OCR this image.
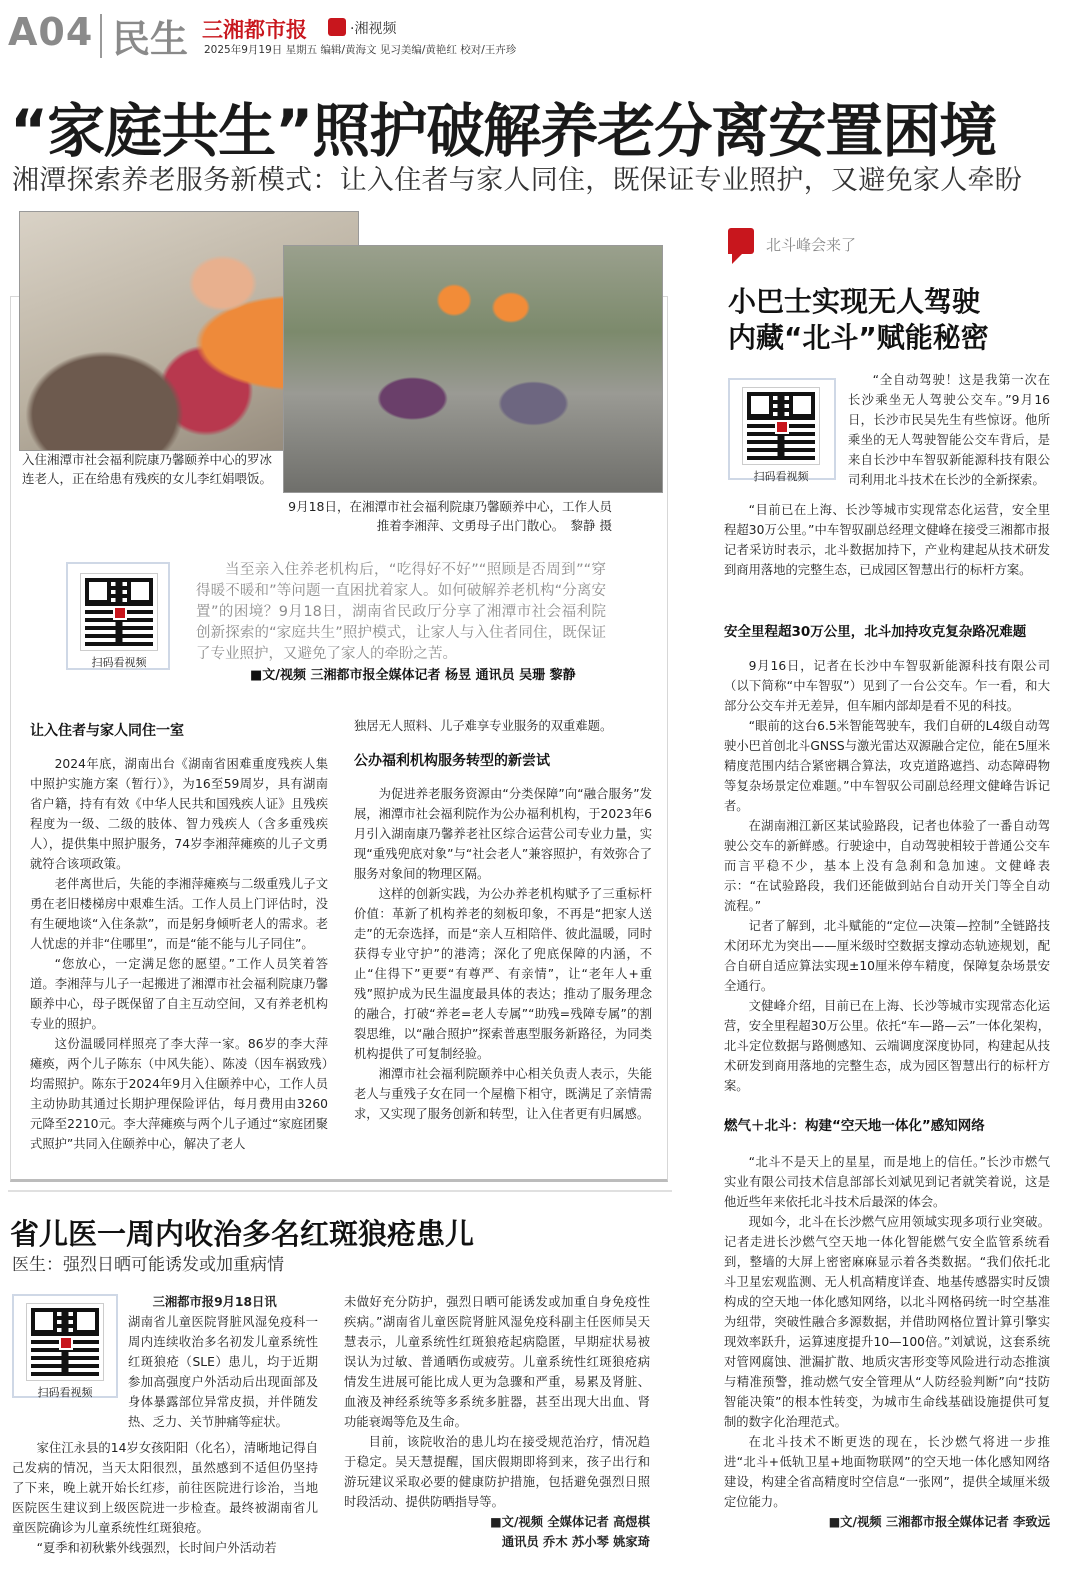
A04 民生 三湘都市报	·湘视频
2025年9月19日 星期五 编辑/黄海文 见习美编/黄艳红 校对/王卉珍
“家庭共生”照护破解养老分离安置困境
湘潭探索养老服务新模式：让入住者与家人同住，既保证专业照护，又避免家人牵盼
入住湘潭市社会福利院康乃馨颐养中心的罗冰连老人，正在给患有残疾的女儿李红娟喂饭。
9月18日，在湘潭市社会福利院康乃馨颐养中心，工作人员推着李湘萍、文勇母子出门散心。　黎静 摄
扫码看视频
当至亲入住养老机构后，“吃得好不好”“照顾是否周到”“穿得暖不暖和”等问题一直困扰着家人。如何破解养老机构“分离安置”的困境？9月18日，湖南省民政厅分享了湘潭市社会福利院创新探索的“家庭共生”照护模式，让家人与入住者同住，既保证了专业照护，又避免了家人的牵盼之苦。
■文/视频 三湘都市报全媒体记者 杨昱 通讯员 吴珊 黎静
让入住者与家人同住一室

2024年底，湖南出台《湖南省困难重度残疾人集中照护实施方案（暂行）》，为16至59周岁，具有湖南省户籍，持有有效《中华人民共和国残疾人证》且残疾程度为一级、二级的肢体、智力残疾人（含多重残疾人），提供集中照护服务，74岁李湘萍瘫痪的儿子文勇就符合该项政策。

老伴离世后，失能的李湘萍瘫痪与二级重残儿子文勇在老旧楼梯房中艰难生活。工作人员上门评估时，没有生硬地谈“入住条款”，而是躬身倾听老人的需求。老人忧虑的并非“住哪里”，而是“能不能与儿子同住”。

“您放心，一定满足您的愿望。”工作人员笑着答道。李湘萍与儿子一起搬进了湘潭市社会福利院康乃馨颐养中心，母子既保留了自主互动空间，又有养老机构专业的照护。

这份温暖同样照亮了李大萍一家。86岁的李大萍瘫痪，两个儿子陈东（中风失能）、陈凌（因车祸致残）均需照护。陈东于2024年9月入住颐养中心，工作人员主动协助其通过长期护理保险评估，每月费用由3260元降至2210元。李大萍瘫痪与两个儿子通过“家庭团聚式照护”共同入住颐养中心，解决了老人

独居无人照料、儿子难享专业服务的双重难题。

公办福利机构服务转型的新尝试

为促进养老服务资源由“分类保障”向“融合服务”发展，湘潭市社会福利院作为公办福利机构，于2023年6月引入湖南康乃馨养老社区综合运营公司专业力量，实现“重残兜底对象”与“社会老人”兼容照护，有效弥合了服务对象间的物理区隔。

这样的创新实践，为公办养老机构赋予了三重标杆价值：革新了机构养老的刻板印象，不再是“把家人送走”的无奈选择，而是“亲人互相陪伴、彼此温暖，同时获得专业守护”的港湾；深化了兜底保障的内涵，不止“住得下”更要“有尊严、有亲情”，让“老年人+重残”照护成为民生温度最具体的表达；推动了服务理念的融合，打破“养老=老人专属”“助残=残障专属”的割裂思维，以“融合照护”探索普惠型服务新路径，为同类机构提供了可复制经验。

湘潭市社会福利院颐养中心相关负责人表示，失能老人与重残子女在同一个屋檐下相守，既满足了亲情需求，又实现了服务创新和转型，让入住者更有归属感。

北斗峰会来了
小巴士实现无人驾驶
内藏“北斗”赋能秘密
扫码看视频

“全自动驾驶！这是我第一次在长沙乘坐无人驾驶公交车。”9月16日，长沙市民吴先生有些惊讶。他所乘坐的无人驾驶智能公交车背后，是来自长沙中车智驭新能源科技有限公司利用北斗技术在长沙的全新探索。

“目前已在上海、长沙等城市实现常态化运营，安全里程超30万公里。”中车智驭副总经理文健峰在接受三湘都市报记者采访时表示，北斗数据加持下，产业构建起从技术研发到商用落地的完整生态，已成园区智慧出行的标杆方案。

安全里程超30万公里，北斗加持攻克复杂路况难题

9月16日，记者在长沙中车智驭新能源科技有限公司（以下简称“中车智驭”）见到了一台公交车。乍一看，和大部分公交车并无差异，但车厢内部却是看不见的科技。

“眼前的这台6.5米智能驾驶车，我们自研的L4级自动驾驶小巴首创北斗GNSS与激光雷达双源融合定位，能在5厘米精度范围内结合紧密耦合算法，攻克道路遮挡、动态障碍物等复杂场景定位难题。”中车智驭公司副总经理文健峰告诉记者。

在湖南湘江新区某试验路段，记者也体验了一番自动驾驶公交车的新鲜感。行驶途中，自动驾驶相较于普通公交车而言平稳不少，基本上没有急刹和急加速。文健峰表示：“在试验路段，我们还能做到站台自动开关门等全自动流程。”

记者了解到，北斗赋能的“定位—决策—控制”全链路技术闭环尤为突出——厘米级时空数据支撑动态轨迹规划，配合自研自适应算法实现±10厘米停车精度，保障复杂场景安全通行。

文健峰介绍，目前已在上海、长沙等城市实现常态化运营，安全里程超30万公里。依托“车—路—云”一体化架构，北斗定位数据与路侧感知、云端调度深度协同，构建起从技术研发到商用落地的完整生态，成为园区智慧出行的标杆方案。

燃气＋北斗：构建“空天地一体化”感知网络

“北斗不是天上的星星，而是地上的信任。”长沙市燃气实业有限公司技术信息部部长刘斌见到记者就笑着说，这是他近些年来依托北斗技术后最深的体会。

现如今，北斗在长沙燃气应用领域实现多项行业突破。记者走进长沙燃气空天地一体化智能燃气安全监管系统看到，整墙的大屏上密密麻麻显示着各类数据。“我们依托北斗卫星宏观监测、无人机高精度详查、地基传感器实时反馈构成的空天地一体化感知网络，以北斗网格码统一时空基准为纽带，突破性融合多源数据，并借助网格位置计算引擎实现效率跃升，运算速度提升10—100倍。”刘斌说，这套系统对管网腐蚀、泄漏扩散、地质灾害形变等风险进行动态推演与精准预警，推动燃气安全管理从“人防经验判断”向“技防智能决策”的根本性转变，为城市生命线基础设施提供可复制的数字化治理范式。

在北斗技术不断更迭的现在，长沙燃气将进一步推进“北斗+低轨卫星+地面物联网”的空天地一体化感知网络建设，构建全省高精度时空信息“一张网”，提供全域厘米级定位能力。

■文/视频 三湘都市报全媒体记者 李致远

省儿医一周内收治多名红斑狼疮患儿
医生：强烈日晒可能诱发或加重病情
扫码看视频

三湘都市报9月18日讯

湖南省儿童医院肾脏风湿免疫科一周内连续收治多名初发儿童系统性红斑狼疮（SLE）患儿，均于近期参加高强度户外活动后出现面部及身体暴露部位异常皮损，并伴随发热、乏力、关节肿痛等症状。

家住江永县的14岁女孩阳阳（化名），清晰地记得自己发病的情况，当天太阳很烈，虽然感到不适但仍坚持了下来，晚上就开始长红疹，前往医院进行诊治，当地医院医生建议到上级医院进一步检查。最终被湖南省儿童医院确诊为儿童系统性红斑狼疮。

“夏季和初秋紫外线强烈，长时间户外活动若

未做好充分防护，强烈日晒可能诱发或加重自身免疫性疾病。”湖南省儿童医院肾脏风湿免疫科副主任医师吴天慧表示，儿童系统性红斑狼疮起病隐匿，早期症状易被误认为过敏、普通晒伤或疲劳。儿童系统性红斑狼疮病情发生进展可能比成人更为急骤和严重，易累及肾脏、血液及神经系统等多系统多脏器，甚至出现大出血、肾功能衰竭等危及生命。

目前，该院收治的患儿均在接受规范治疗，情况趋于稳定。吴天慧提醒，国庆假期即将到来，孩子出行和游玩建议采取必要的健康防护措施，包括避免强烈日照时段活动、提供防晒指导等。

■文/视频 全媒体记者 高煜棋

通讯员 乔木 苏小琴 姚家琦
